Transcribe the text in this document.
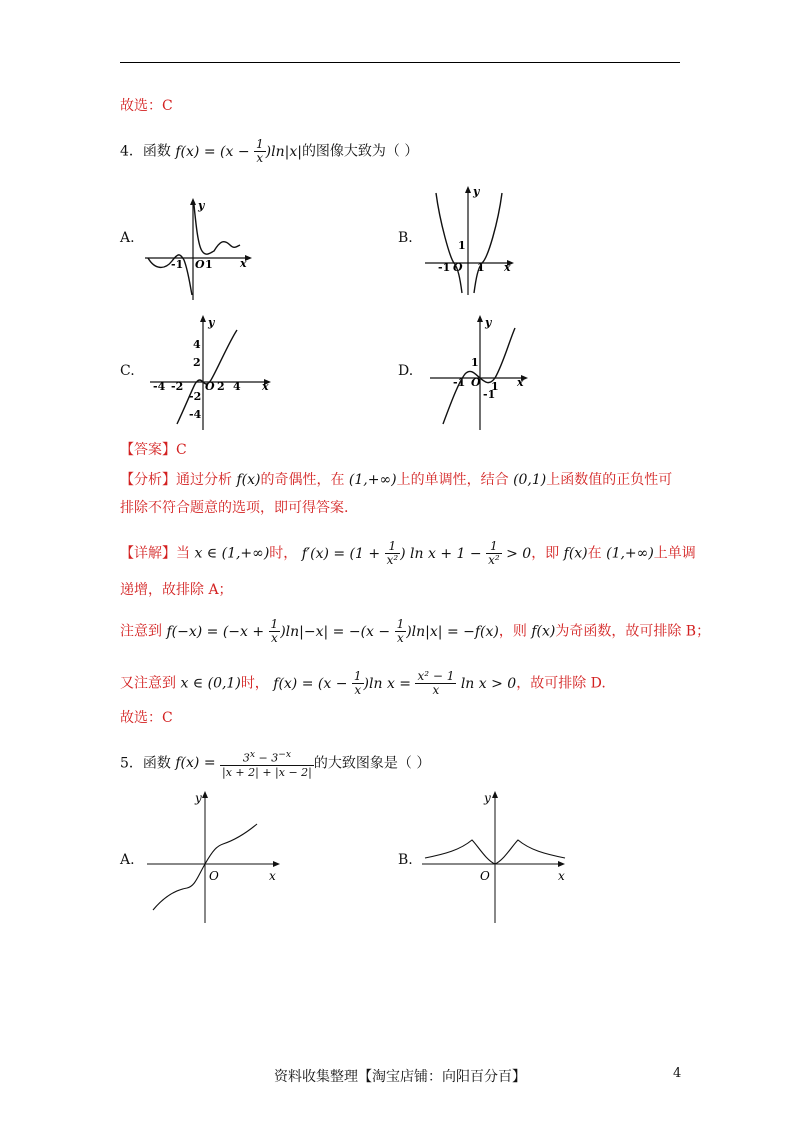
故选：C
4．函数 $f(x) = (x - \frac{1}{x} )\ln|x|$的图像大致为（ ）
A.	B.
C.	D.
y
x
-1 O 1
y
x
-1 O 1
1
y
x
4
2
-4 -2 O 2 4
-2
-4
y
x
1
-1 O 1
-1
【答案】C
【分析】通过分析 f(x)的奇偶性，在 (1,+∞)上的单调性，结合 (0,1)上函数值的正负性可
排除不符合题意的选项，即可得答案.
【详解】当 x ∈ (1,+∞)时， $f'(x) = (1 + \frac{1}{\text{x²}}$ ) $\ln x + 1 - \frac{1}{\text{x²}} > 0$，即 f(x)在 (1,+∞)上单调
递增，故排除 A；
注意到 $f(-x) = (-x + \frac{1}{x} )\ln|-x| = -(x - \frac{1}{x} )\ln|x| = -f(x)$，则 f(x)为奇函数，故可排除 B；
又注意到 x ∈ (0,1)时， $f(x) = (x - \frac{1}{x} )\ln$ $x = \frac{\text{x² − 1}}{x}$ ln x > 0，故可排除 D.
故选：C
5．函数 $f(x) = \frac{3^x - 3^{-x}}{|x + 2| + |x - 2|}$ 的大致图象是（ ）
A.	B.
y
x
O
y
x
O
资料收集整理【淘宝店铺：向阳百分百】	4
